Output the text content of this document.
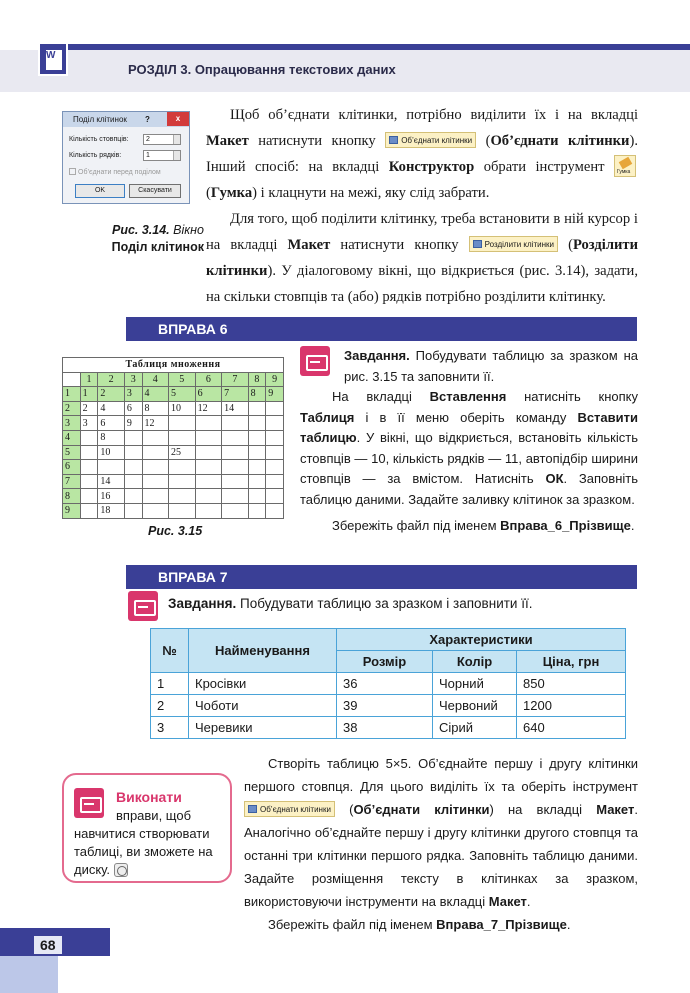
W
РОЗДІЛ 3. Опрацювання текстових даних
Щоб об’єднати клітинки, потрібно виділити їх і на вкладці Макет натиснути кнопку Об’єднати клітинки (Об’єднати клітинки). Інший спосіб: на вкладці Конструктор обрати інструмент Гумка
(Гумка) і клацнути на межі, яку слід забрати.
Для того, щоб поділити клітинку, треба встановити в ній курсор і на вкладці Макет натиснути кнопку Розділити клітинки (Розділити клітинки). У діалоговому вікні, що відкриється (рис. 3.14), задати, на скільки стовпців та (або) рядків потрібно розділити клітинку.
Поділ клітинок	?	x
Кількість стовпців:	2
Кількість рядків:	1
Об’єднати перед поділом
OK	Скасувати
Рис. 3.14. Вікно
Поділ клітинок
ВПРАВА 6
Таблиця множення									
	1	2	3	4	5	6	7	8	9
1	1	2	3	4	5	6	7	8	9
2	2	4	6	8	10	12	14		
3	3	6	9	12					
4		8							
5		10			25				
6									
7		14							
8		16							
9		18							
Рис. 3.15

Завдання. Побудувати таблицю за зразком на рис. 3.15 та заповнити її.

На вкладці Вставлення натисніть кнопку Таблиця і в її меню оберіть команду Вставити таблицю. У вікні, що відкриється, встановіть кількість стовпців — 10, кількість рядків — 11, автопідбір ширини стовпців — за вмістом. Натисніть ОК. Заповніть таблицю даними. Задайте заливку клітинок за зразком.

Збережіть файл під іменем Вправа_6_Прізвище.

ВПРАВА 7
Завдання. Побудувати таблицю за зразком і заповнити її.
№	Найменування	Характеристики		
		Розмір	Колір	Ціна, грн
1	Кросівки	36	Чорний	850
2	Чоботи	39	Червоний	1200
3	Черевики	38	Сірий	640
Виконати
вправи, щоб
навчитися створювати таблиці, ви зможете на диску.

Створіть таблицю 5×5. Об’єднайте першу і другу клітинки першого стовпця. Для цього виділіть їх та оберіть інструмент Об’єднати клітинки (Об’єднати клітинки) на вкладці Макет. Аналогічно об’єднайте першу і другу клітинки другого стовпця та останні три клітинки першого рядка. Заповніть таблицю даними. Задайте розміщення тексту в клітинках за зразком, використовуючи інструменти на вкладці Макет.

Збережіть файл під іменем Вправа_7_Прізвище.

68
